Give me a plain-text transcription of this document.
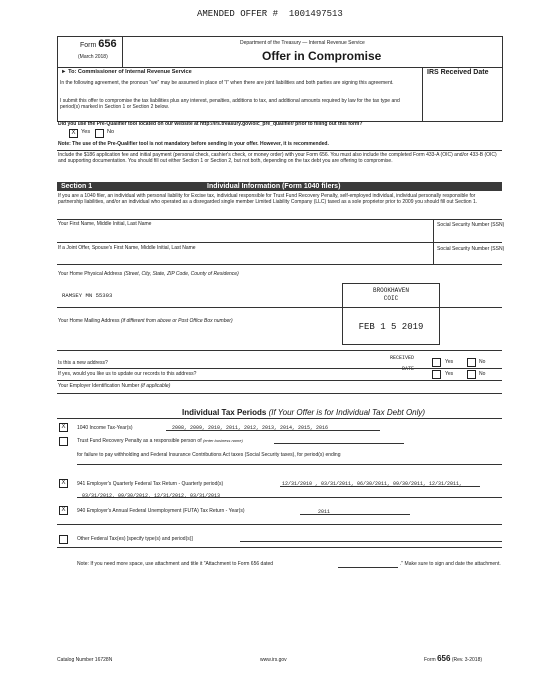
AMENDED OFFER # 1001497513
Form 656
(March 2018)
Department of the Treasury — Internal Revenue Service
Offer in Compromise
► To: Commissioner of Internal Revenue Service	IRS Received Date
In the following agreement, the pronoun “we” may be assumed in place of “I” when there are joint liabilities and both parties are signing this agreement.
I submit this offer to compromise the tax liabilities plus any interest, penalties, additions to tax, and additional amounts required by law for the tax type and period(s) marked in Section 1 or Section 2 below.
Did you use the Pre-Qualifier tool located on our website at http://irs.treasury.gov/oic_pre_qualifier/ prior to filling out this form?
X Yes	No
Note: The use of the Pre-Qualifier tool is not mandatory before sending in your offer. However, it is recommended.
Include the $186 application fee and initial payment (personal check, cashier's check, or money order) with your Form 656. You must also include the completed Form 433-A (OIC) and/or 433-B (OIC) and supporting documentation. You should fill out either Section 1 or Section 2, but not both, depending on the tax debt you are offering to compromise.
Section 1	Individual Information (Form 1040 filers)
If you are a 1040 filer, an individual with personal liability for Excise tax, individual responsible for Trust Fund Recovery Penalty, self-employed individual, individual personally responsible for partnership liabilities, and/or an individual who operated as a disregarded single member Limited Liability Company (LLC) taxed as a sole proprietor prior to 2009 you should fill out Section 1.
Your First Name, Middle Initial, Last Name	Social Security Number (SSN)
If a Joint Offer, Spouse's First Name, Middle Initial, Last Name	Social Security Number (SSN)
Your Home Physical Address (Street, City, State, ZIP Code, County of Residence)
RAMSEY MN 55303
Your Home Mailing Address (if different from above or Post Office Box number)
BROOKHAVEN
COIC
FEB 1 5 2019
RECEIVED
DATE
Is this a new address?	Yes	No
If yes, would you like us to update our records to this address?	Yes	No
Your Employer Identification Number (if applicable)
Individual Tax Periods (If Your Offer is for Individual Tax Debt Only)
X	1040 Income Tax-Year(s)	2008, 2009, 2010, 2011, 2012, 2013, 2014, 2015, 2016
Trust Fund Recovery Penalty as a responsible person of (enter business name)
for failure to pay withholding and Federal Insurance Contributions Act taxes (Social Security taxes), for period(s) ending
X	941 Employer's Quarterly Federal Tax Return - Quarterly period(s)	12/31/2010 , 03/31/2011, 06/30/2011, 09/30/2011, 12/31/2011,
03/31/2012, 09/30/2012, 12/31/2012, 03/31/2013
X	940 Employer's Annual Federal Unemployment (FUTA) Tax Return - Year(s)	2011
Other Federal Tax(es) [specify type(s) and period(s)]
Note: If you need more space, use attachment and title it "Attachment to Form 656 dated	." Make sure to sign and date the attachment.
Catalog Number 16728N	www.irs.gov	Form 656 (Rev. 3-2018)
